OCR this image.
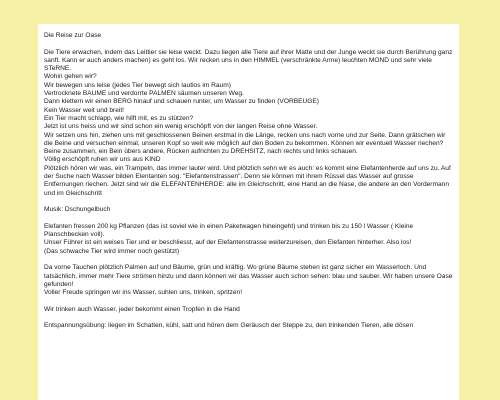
Die Reise zur Oase
Die Tiere erwachen, indem das Leittier sie leise weckt. Dazu liegen alle Tiere auf ihrer Matte und der Junge weckt sie durch Berührung ganz sanft. Kann er auch anders machen) es geht los. Wir recken uns in den HIMMEL (verschränkte Arme) leuchten MOND und sehr viele STeRNE.
Wohin gehen wir?
Wir bewegen uns leise (jedes Tier bewegt sich lautlos im Raum)
Vertrocknete BAUME und verdorrte PALMEN säumen unseren Weg.
Dann klettern wir einen BERG hinauf und schauen runter, um Wasser zu finden (VORBEUGE)
Kein Wasser weit und breit!
Ein Tier macht schlapp, wie hilft mit, es zu stützen?
Jetzt ist uns heiss und wir sind schon ein wenig erschöpft von der langen Reise ohne Wasser.
Wir setzen uns hin, ziehen uns mit geschlossenen Beinen erstmal in die Länge, recken uns nach vorne und zur Seite. Dann grätschen wir die Beine und versuchen einmal, unseren Kopf so weit wie möglich auf den Boden zu bekommen. Können wir eventuell Wasser riechen?
Beine zusammen, ein Bein übers andere, Rücken aufrichten zu DREHSITZ, nach rechts und links schauen.
Völlig erschöpft ruhen wir uns aus KIND
Plötzlich hören wir was, ein Trampeln, das immer lauter wird. Und plötzlich sehn wir es auch: es kommt eine Elefantenherde auf uns zu. Auf der Suche nach Wasser bilden Elentanten sog. "Elefantenstrassen". Denn sie können mit ihrem Rüssel das Wasser auf grosse Entfernungen riechen. Jetzt sind wir die ELEFANTENHERDE: alle im Gleichschritt, eine Hand an die Nase, die andere an den Vordermann und im Gleichschritt
Musik: Dschungelbuch
Elefanten fressen 200 kg Pflanzen (das ist soviel wie in einen Paketwagen hineingeht) und trinken bis zu 150 l Wasser ( Kleine Planschbecken voll).
Unser Führer ist ein weises Tier und er beschliesst, auf der Elefantenstrasse weiterzureisen, den Elefanten hinterher. Also los!
(Das schwache Tier wird immer noch gestützt)
Da vorne Tauchen plötzlich Palmen auf und Bäume, grün und kräftig. Wo grüne Bäume stehen ist ganz sicher ein Wasserloch. Und tatsächlich, immer mehr Tiere strömen hinzu und dann können wir das Wasser auch schon sehen: blau und sauber. Wir haben unsere Oase gefunden!
Voller Freude springen wir ins Wasser, suhlen uns, trinken, spritzen!
Wir trinken auch Wasser, jeder bekommt einen Tropfen in die Hand
Entspannungsübung: liegen im Schatten, kühl, satt und hören dem Geräusch der Steppe zu, den trinkenden Tieren, alle dösen
